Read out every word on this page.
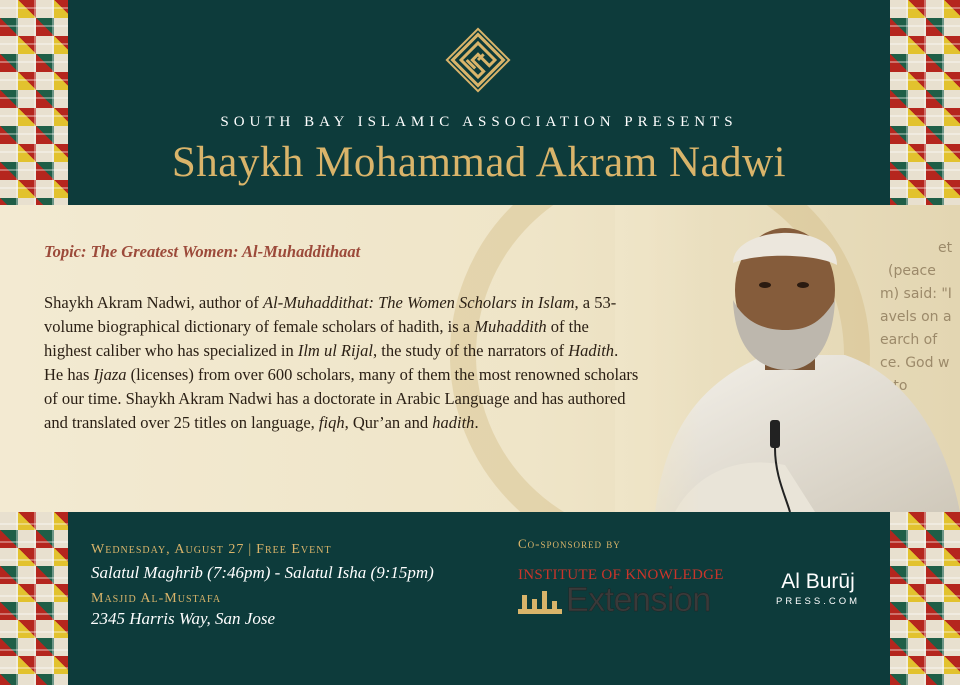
SOUTH BAY ISLAMIC ASSOCIATION PRESENTS
Shaykh Mohammad Akram Nadwi
Topic: The Greatest Women: Al-Muhaddithaat

Shaykh Akram Nadwi, author of Al-Muhaddithat: The Women Scholars in Islam, a 53-volume biographical dictionary of female scholars of hadith, is a Muhaddith of the highest caliber who has specialized in Ilm ul Rijal, the study of the narrators of Hadith. He has Ijaza (licenses) from over 600 scholars, many of them the most renowned scholars of our time. Shaykh Akram Nadwi has a doctorate in Arabic Language and has authored and translated over 25 titles on language, fiqh, Qur’an and hadith.

Wednesday, August 27 | Free Event
Salatul Maghrib (7:46pm) - Salatul Isha (9:15pm)
Masjid Al-Mustafa
2345 Harris Way, San Jose
Co-sponsored by
INSTITUTE OF KNOWLEDGE
Extension	Al Burūj
PRESS.COM
